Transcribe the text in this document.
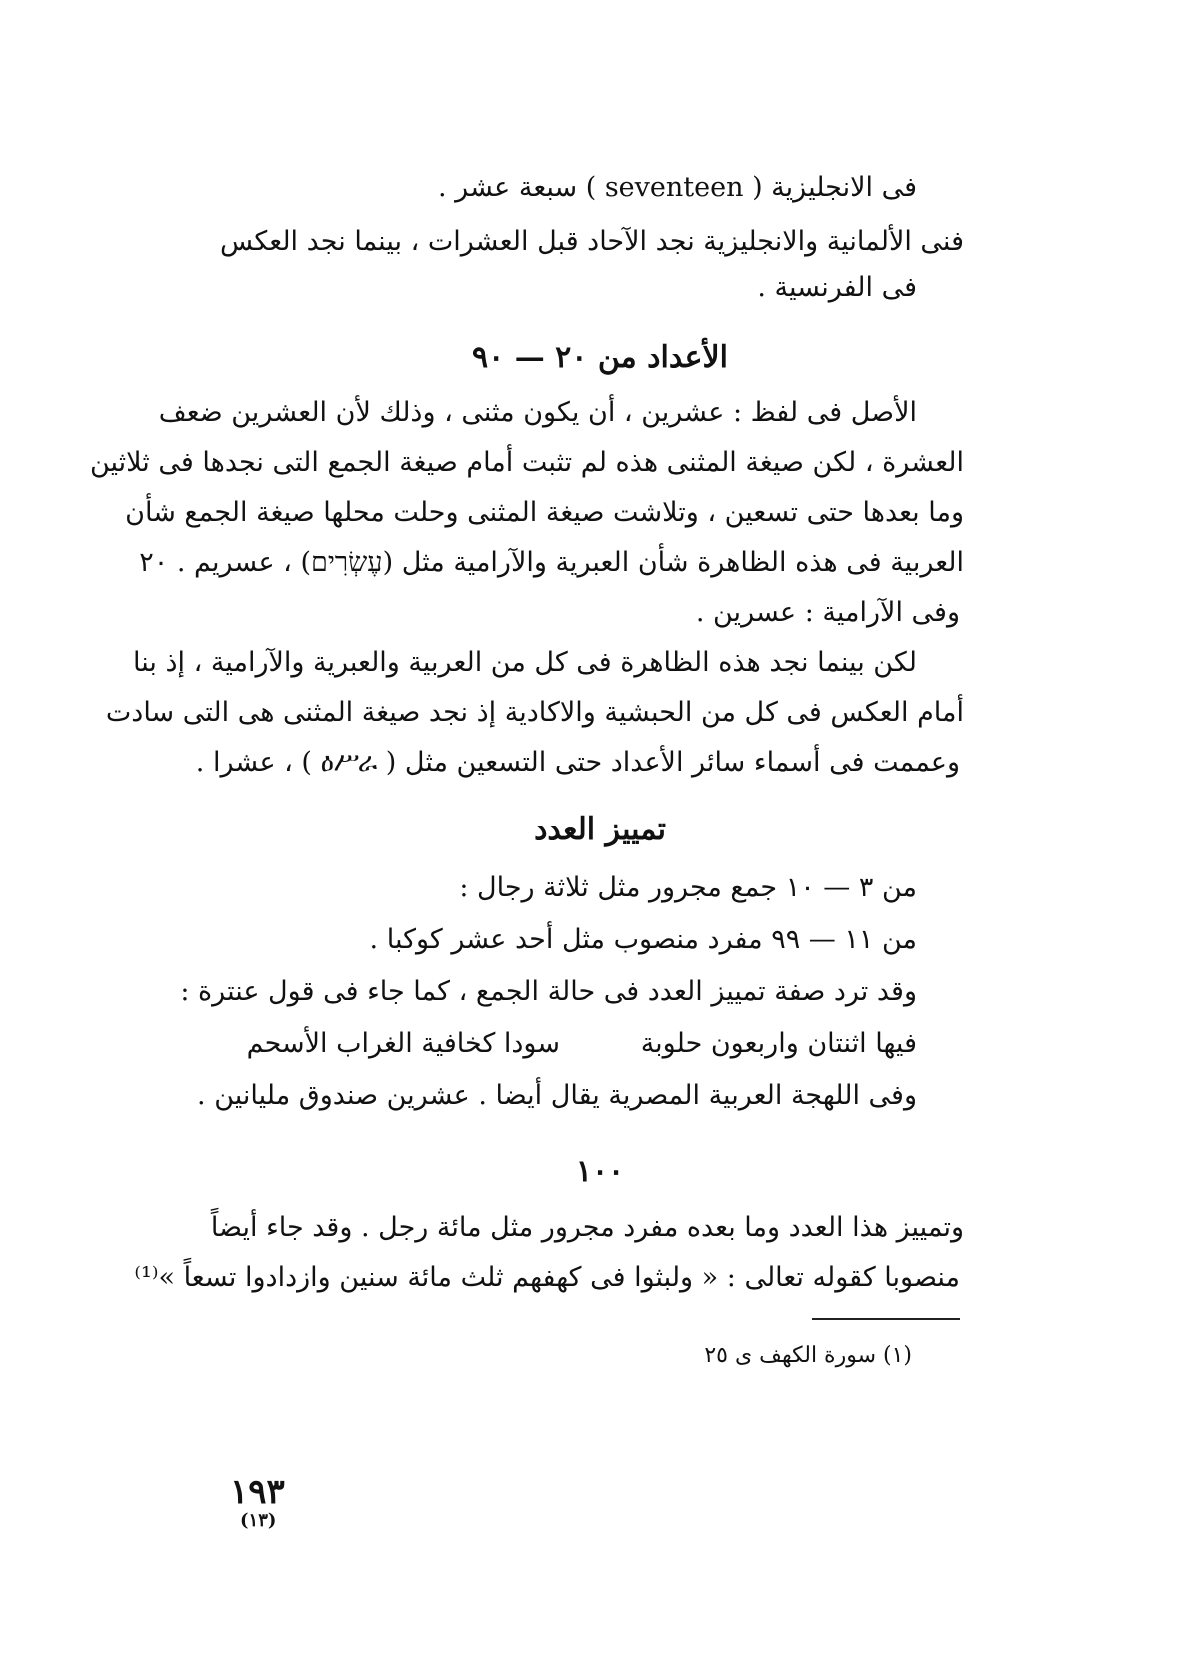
فى الانجليزية ( seventeen ) سبعة عشر .
فنى الألمانية والانجليزية نجد الآحاد قبل العشرات ، بينما نجد العكس
فى الفرنسية .
الأعداد من ٢٠ — ٩٠
الأصل فى لفظ : عشرين ، أن يكون مثنى ، وذلك لأن العشرين ضعف
العشرة ، لكن صيغة المثنى هذه لم تثبت أمام صيغة الجمع التى نجدها فى ثلاثين
وما بعدها حتى تسعين ، وتلاشت صيغة المثنى وحلت محلها صيغة الجمع شأن
العربية فى هذه الظاهرة شأن العبرية والآرامية مثل (עֶשְׂרִים) ، عسريم . ٢٠
وفى الآرامية : عسرين .
لكن بينما نجد هذه الظاهرة فى كل من العربية والعبرية والآرامية ، إذ بنا
أمام العكس فى كل من الحبشية والاكادية إذ نجد صيغة المثنى هى التى سادت
وعممت فى أسماء سائر الأعداد حتى التسعين مثل ( ዕሥራ ) ، عشرا .
تمييز العدد
من ٣ — ١٠ جمع مجرور مثل ثلاثة رجال :
من ١١ — ٩٩ مفرد منصوب مثل أحد عشر كوكبا .
وقد ترد صفة تمييز العدد فى حالة الجمع ، كما جاء فى قول عنترة :
فيها اثنتان واربعون حلوبة
سودا كخافية الغراب الأسحم
وفى اللهجة العربية المصرية يقال أيضا . عشرين صندوق مليانين .
١٠٠
وتمييز هذا العدد وما بعده مفرد مجرور مثل مائة رجل . وقد جاء أيضاً
منصوبا كقوله تعالى : « ولبثوا فى كهفهم ثلث مائة سنين وازدادوا تسعاً »⁽¹⁾
(١) سورة الكهف ى ٢٥
١٩٣
(١٣)
